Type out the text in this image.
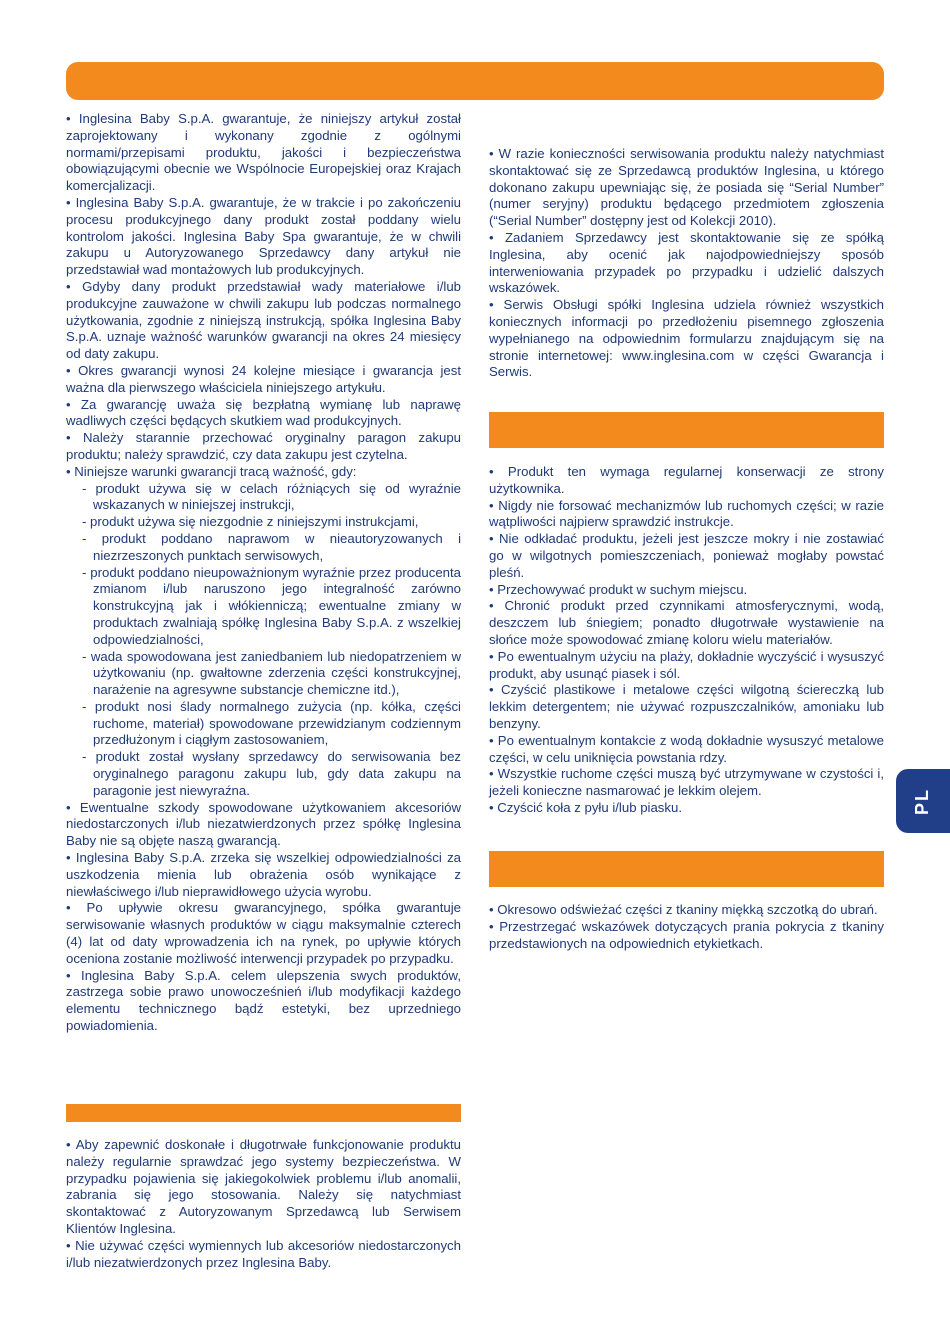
• Inglesina Baby S.p.A. gwarantuje, że niniejszy artykuł został zaprojektowany i wykonany zgodnie z ogólnymi normami/przepisami produktu, jakości i bezpieczeństwa obowiązującymi obecnie we Wspólnocie Europejskiej oraz Krajach komercjalizacji.

• Inglesina Baby S.p.A. gwarantuje, że w trakcie i po zakończeniu procesu produkcyjnego dany produkt został poddany wielu kontrolom jakości. Inglesina Baby Spa gwarantuje, że w chwili zakupu u Autoryzowanego Sprzedawcy dany artykuł nie przedstawiał wad montażowych lub produkcyjnych.

• Gdyby dany produkt przedstawiał wady materiałowe i/lub produkcyjne zauważone w chwili zakupu lub podczas normalnego użytkowania, zgodnie z niniejszą instrukcją, spółka Inglesina Baby S.p.A. uznaje ważność warunków gwarancji na okres 24 miesięcy od daty zakupu.

• Okres gwarancji wynosi 24 kolejne miesiące i gwarancja jest ważna dla pierwszego właściciela niniejszego artykułu.

• Za gwarancję uważa się bezpłatną wymianę lub naprawę wadliwych części będących skutkiem wad produkcyjnych.

• Należy starannie przechować oryginalny paragon zakupu produktu; należy sprawdzić, czy data zakupu jest czytelna.

• Niniejsze warunki gwarancji tracą ważność, gdy:

- produkt używa się w celach różniących się od wyraźnie wskazanych w niniejszej instrukcji,

- produkt używa się niezgodnie z niniejszymi instrukcjami,

- produkt poddano naprawom w nieautoryzowanych i niezrzeszonych punktach serwisowych,

- produkt poddano nieupoważnionym wyraźnie przez producenta zmianom i/lub naruszono jego integralność zarówno konstrukcyjną jak i włókienniczą; ewentualne zmiany w produktach zwalniają spółkę Inglesina Baby S.p.A. z wszelkiej odpowiedzialności,

- wada spowodowana jest zaniedbaniem lub niedopatrzeniem w użytkowaniu (np. gwałtowne zderzenia części konstrukcyjnej, narażenie na agresywne substancje chemiczne itd.),

- produkt nosi ślady normalnego zużycia (np. kółka, części ruchome, materiał) spowodowane przewidzianym codziennym przedłużonym i ciągłym zastosowaniem,

- produkt został wysłany sprzedawcy do serwisowania bez oryginalnego paragonu zakupu lub, gdy data zakupu na paragonie jest niewyraźna.

• Ewentualne szkody spowodowane użytkowaniem akcesoriów niedostarczonych i/lub niezatwierdzonych przez spółkę Inglesina Baby nie są objęte naszą gwarancją.

• Inglesina Baby S.p.A. zrzeka się wszelkiej odpowiedzialności za uszkodzenia mienia lub obrażenia osób wynikające z niewłaściwego i/lub nieprawidłowego użycia wyrobu.

• Po upływie okresu gwarancyjnego, spółka gwarantuje serwisowanie własnych produktów w ciągu maksymalnie czterech (4) lat od daty wprowadzenia ich na rynek, po upływie których oceniona zostanie możliwość interwencji przypadek po przypadku.

• Inglesina Baby S.p.A. celem ulepszenia swych produktów, zastrzega sobie prawo unowocześnień i/lub modyfikacji każdego elementu technicznego bądź estetyki, bez uprzedniego powiadomienia.

• Aby zapewnić doskonałe i długotrwałe funkcjonowanie produktu należy regularnie sprawdzać jego systemy bezpieczeństwa. W przypadku pojawienia się jakiegokolwiek problemu i/lub anomalii, zabrania się jego stosowania. Należy się natychmiast skontaktować z Autoryzowanym Sprzedawcą lub Serwisem Klientów Inglesina.

• Nie używać części wymiennych lub akcesoriów niedostarczonych i/lub niezatwierdzonych przez Inglesina Baby.

• W razie konieczności serwisowania produktu należy natychmiast skontaktować się ze Sprzedawcą produktów Inglesina, u którego dokonano zakupu upewniając się, że posiada się “Serial Number” (numer seryjny) produktu będącego przedmiotem zgłoszenia (“Serial Number” dostępny jest od Kolekcji 2010).

• Zadaniem Sprzedawcy jest skontaktowanie się ze spółką Inglesina, aby ocenić jak najodpowiedniejszy sposób interweniowania przypadek po przypadku i udzielić dalszych wskazówek.

• Serwis Obsługi spółki Inglesina udziela również wszystkich koniecznych informacji po przedłożeniu pisemnego zgłoszenia wypełnianego na odpowiednim formularzu znajdującym się na stronie internetowej: www.inglesina.com w części Gwarancja i Serwis.

• Produkt ten wymaga regularnej konserwacji ze strony użytkownika.

• Nigdy nie forsować mechanizmów lub ruchomych części; w razie wątpliwości najpierw sprawdzić instrukcje.

• Nie odkładać produktu, jeżeli jest jeszcze mokry i nie zostawiać go w wilgotnych pomieszczeniach, ponieważ mogłaby powstać pleśń.

• Przechowywać produkt w suchym miejscu.

• Chronić produkt przed czynnikami atmosferycznymi, wodą, deszczem lub śniegiem; ponadto długotrwałe wystawienie na słońce może spowodować zmianę koloru wielu materiałów.

• Po ewentualnym użyciu na plaży, dokładnie wyczyścić i wysuszyć produkt, aby usunąć piasek i sól.

• Czyścić plastikowe i metalowe części wilgotną ściereczką lub lekkim detergentem; nie używać rozpuszczalników, amoniaku lub benzyny.

• Po ewentualnym kontakcie z wodą dokładnie wysuszyć metalowe części, w celu uniknięcia powstania rdzy.

• Wszystkie ruchome części muszą być utrzymywane w czystości i, jeżeli konieczne nasmarować je lekkim olejem.

• Czyścić koła z pyłu i/lub piasku.

• Okresowo odświeżać części z tkaniny miękką szczotką do ubrań.

• Przestrzegać wskazówek dotyczących prania pokrycia z tkaniny przedstawionych na odpowiednich etykietkach.

PL
